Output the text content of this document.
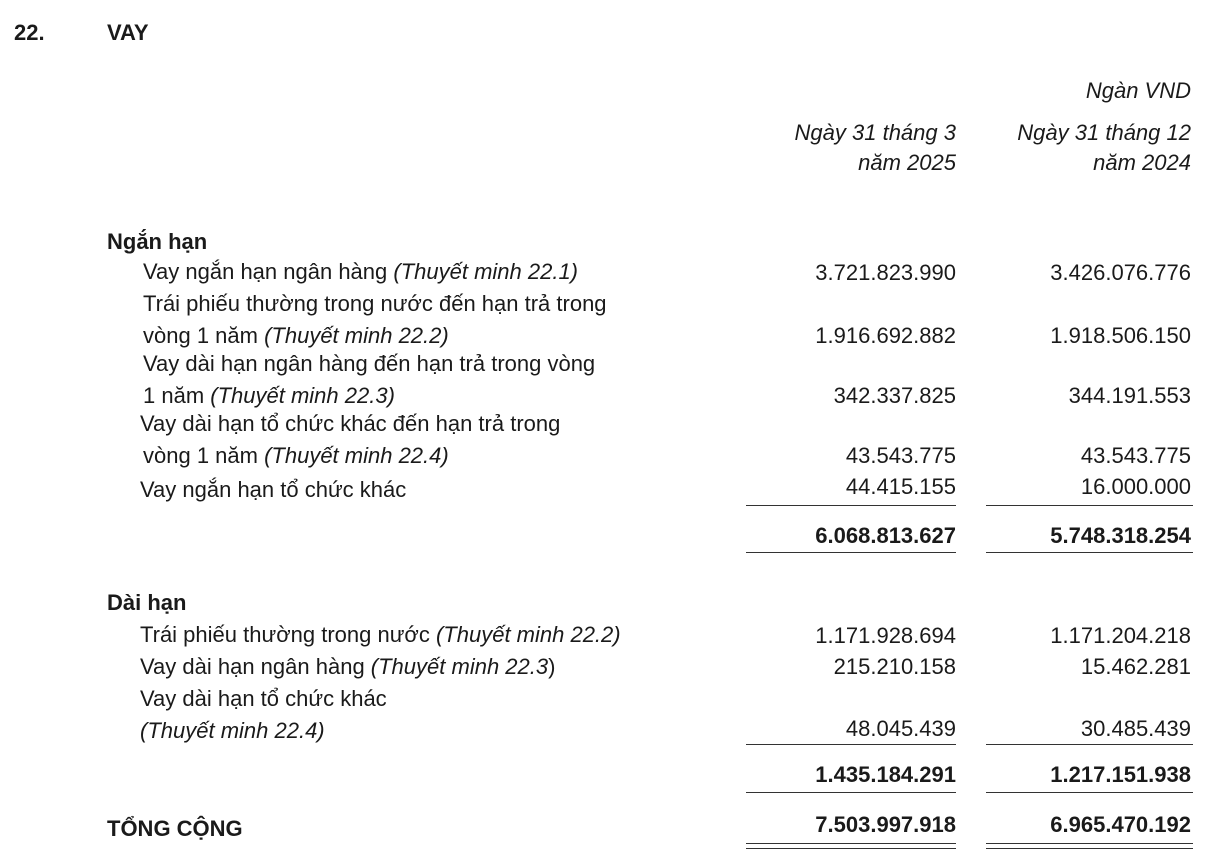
22.	VAY
Ngàn VND
Ngày 31 tháng 3
năm 2025
Ngày 31 tháng 12
năm 2024
Ngắn hạn
Vay ngắn hạn ngân hàng (Thuyết minh 22.1)	3.721.823.990	3.426.076.776
Trái phiếu thường trong nước đến hạn trả trong
vòng 1 năm (Thuyết minh 22.2)	1.916.692.882	1.918.506.150
Vay dài hạn ngân hàng đến hạn trả trong vòng
1 năm (Thuyết minh 22.3)	342.337.825	344.191.553
Vay dài hạn tổ chức khác đến hạn trả trong
vòng 1 năm (Thuyết minh 22.4)	43.543.775	43.543.775
Vay ngắn hạn tổ chức khác	44.415.155	16.000.000
6.068.813.627	5.748.318.254
Dài hạn
Trái phiếu thường trong nước (Thuyết minh 22.2)	1.171.928.694	1.171.204.218
Vay dài hạn ngân hàng (Thuyết minh 22.3)	215.210.158	15.462.281
Vay dài hạn tổ chức khác
(Thuyết minh 22.4)	48.045.439	30.485.439
1.435.184.291	1.217.151.938
TỔNG CỘNG	7.503.997.918	6.965.470.192
